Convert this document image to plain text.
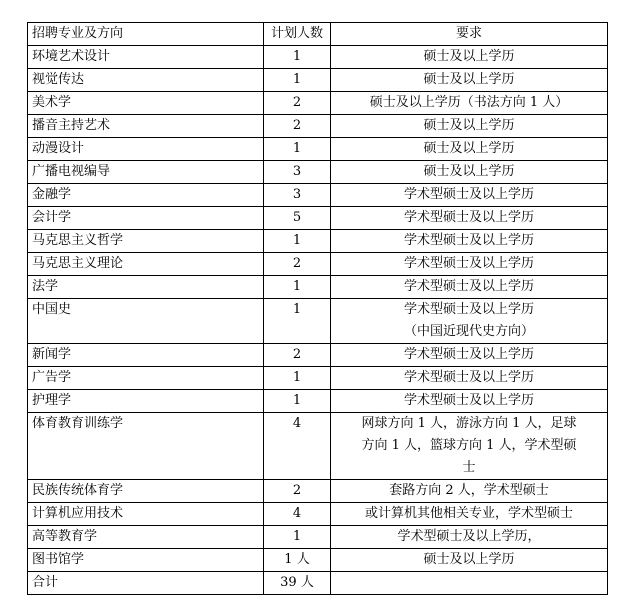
招聘专业及方向	计划人数	要求
环境艺术设计	1	硕士及以上学历

视觉传达	1	硕士及以上学历

美术学	2	硕士及以上学历（书法方向 1 人）

播音主持艺术	2	硕士及以上学历

动漫设计	1	硕士及以上学历

广播电视编导	3	硕士及以上学历

金融学	3	学术型硕士及以上学历

会计学	5	学术型硕士及以上学历

马克思主义哲学	1	学术型硕士及以上学历

马克思主义理论	2	学术型硕士及以上学历

法学	1	学术型硕士及以上学历

中国史	1	学术型硕士及以上学历
（中国近现代史方向）

新闻学	2	学术型硕士及以上学历

广告学	1	学术型硕士及以上学历

护理学	1	学术型硕士及以上学历

体育教育训练学	4	网球方向 1 人，游泳方向 1 人，足球
方向 1 人，篮球方向 1 人，学术型硕
士

民族传统体育学	2	套路方向 2 人，学术型硕士

计算机应用技术	4	或计算机其他相关专业，学术型硕士

高等教育学	1	学术型硕士及以上学历，

图书馆学	1 人	硕士及以上学历

合计	39 人	
